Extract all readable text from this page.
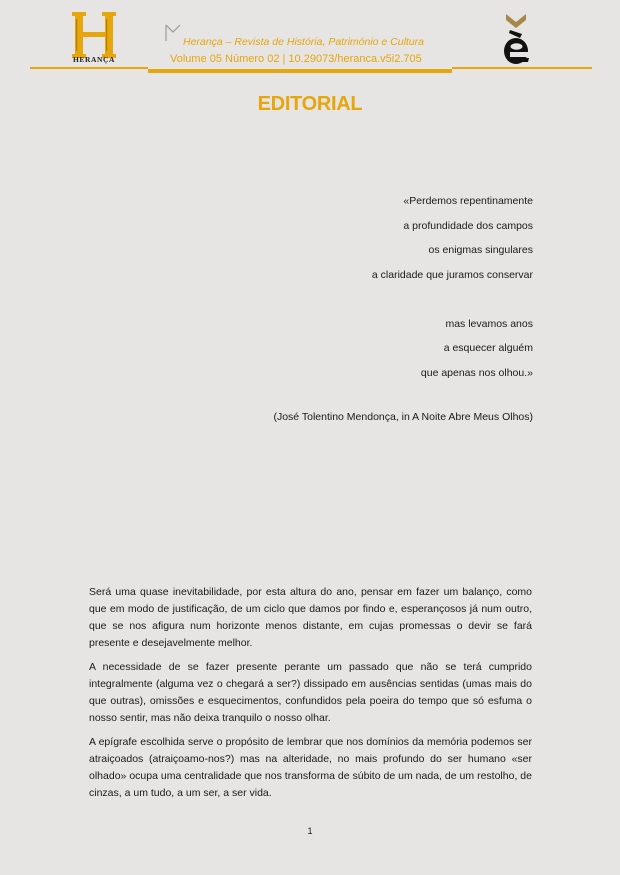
HERANÇA
Herança – Revista de História, Património e Cultura
Volume 05 Número 02 | 10.29073/heranca.v5i2.705
EDITORIAL
«Perdemos repentinamente
a profundidade dos campos
os enigmas singulares
a claridade que juramos conservar
mas levamos anos
a esquecer alguém
que apenas nos olhou.»
(José Tolentino Mendonça, in A Noite Abre Meus Olhos)

Será uma quase inevitabilidade, por esta altura do ano, pensar em fazer um balanço, como que em modo de justificação, de um ciclo que damos por findo e, esperançosos já num outro, que se nos afigura num horizonte menos distante, em cujas promessas o devir se fará presente e desejavelmente melhor.

A necessidade de se fazer presente perante um passado que não se terá cumprido integralmente (alguma vez o chegará a ser?) dissipado em ausências sentidas (umas mais do que outras), omissões e esquecimentos, confundidos pela poeira do tempo que só esfuma o nosso sentir, mas não deixa tranquilo o nosso olhar.

A epígrafe escolhida serve o propósito de lembrar que nos domínios da memória podemos ser atraiçoados (atraiçoamo-nos?) mas na alteridade, no mais profundo do ser humano «ser olhado» ocupa uma centralidade que nos transforma de súbito de um nada, de um restolho, de cinzas, a um tudo, a um ser, a ser vida.

1
